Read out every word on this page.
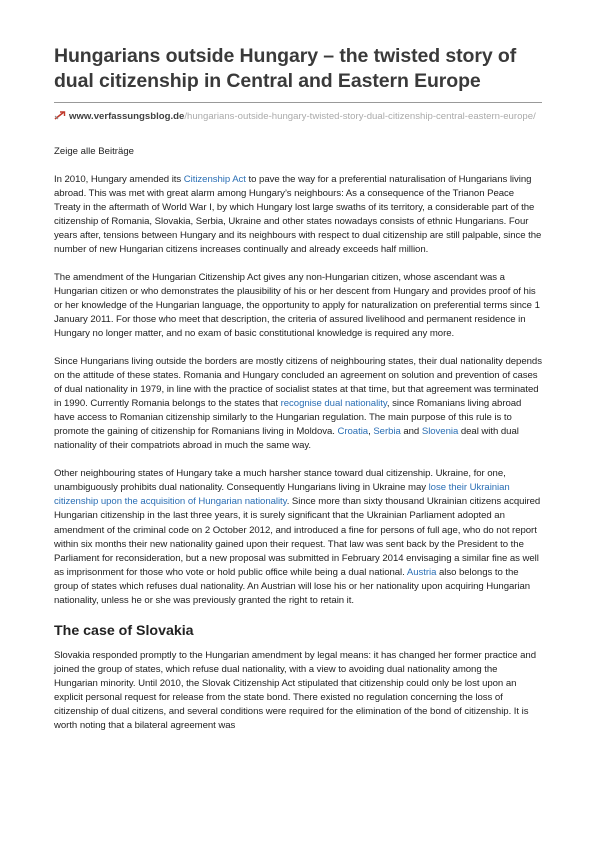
Hungarians outside Hungary – the twisted story of dual citizenship in Central and Eastern Europe
www.verfassungsblog.de/hungarians-outside-hungary-twisted-story-dual-citizenship-central-eastern-europe/
Zeige alle Beiträge

In 2010, Hungary amended its Citizenship Act to pave the way for a preferential naturalisation of Hungarians living abroad. This was met with great alarm among Hungary’s neighbours: As a consequence of the Trianon Peace Treaty in the aftermath of World War I, by which Hungary lost large swaths of its territory, a considerable part of the citizenship of Romania, Slovakia, Serbia, Ukraine and other states nowadays consists of ethnic Hungarians. Four years after, tensions between Hungary and its neighbours with respect to dual citizenship are still palpable, since the number of new Hungarian citizens increases continually and already exceeds half million.

The amendment of the Hungarian Citizenship Act gives any non-Hungarian citizen, whose ascendant was a Hungarian citizen or who demonstrates the plausibility of his or her descent from Hungary and provides proof of his or her knowledge of the Hungarian language, the opportunity to apply for naturalization on preferential terms since 1 January 2011. For those who meet that description, the criteria of assured livelihood and permanent residence in Hungary no longer matter, and no exam of basic constitutional knowledge is required any more.

Since Hungarians living outside the borders are mostly citizens of neighbouring states, their dual nationality depends on the attitude of these states. Romania and Hungary concluded an agreement on solution and prevention of cases of dual nationality in 1979, in line with the practice of socialist states at that time, but that agreement was terminated in 1990. Currently Romania belongs to the states that recognise dual nationality, since Romanians living abroad have access to Romanian citizenship similarly to the Hungarian regulation. The main purpose of this rule is to promote the gaining of citizenship for Romanians living in Moldova. Croatia, Serbia and Slovenia deal with dual nationality of their compatriots abroad in much the same way.

Other neighbouring states of Hungary take a much harsher stance toward dual citizenship. Ukraine, for one, unambiguously prohibits dual nationality. Consequently Hungarians living in Ukraine may lose their Ukrainian citizenship upon the acquisition of Hungarian nationality. Since more than sixty thousand Ukrainian citizens acquired Hungarian citizenship in the last three years, it is surely significant that the Ukrainian Parliament adopted an amendment of the criminal code on 2 October 2012, and introduced a fine for persons of full age, who do not report within six months their new nationality gained upon their request. That law was sent back by the President to the Parliament for reconsideration, but a new proposal was submitted in February 2014 envisaging a similar fine as well as imprisonment for those who vote or hold public office while being a dual national. Austria also belongs to the group of states which refuses dual nationality. An Austrian will lose his or her nationality upon acquiring Hungarian nationality, unless he or she was previously granted the right to retain it.

The case of Slovakia

Slovakia responded promptly to the Hungarian amendment by legal means: it has changed her former practice and joined the group of states, which refuse dual nationality, with a view to avoiding dual nationality among the Hungarian minority. Until 2010, the Slovak Citizenship Act stipulated that citizenship could only be lost upon an explicit personal request for release from the state bond. There existed no regulation concerning the loss of citizenship of dual citizens, and several conditions were required for the elimination of the bond of citizenship. It is worth noting that a bilateral agreement was
